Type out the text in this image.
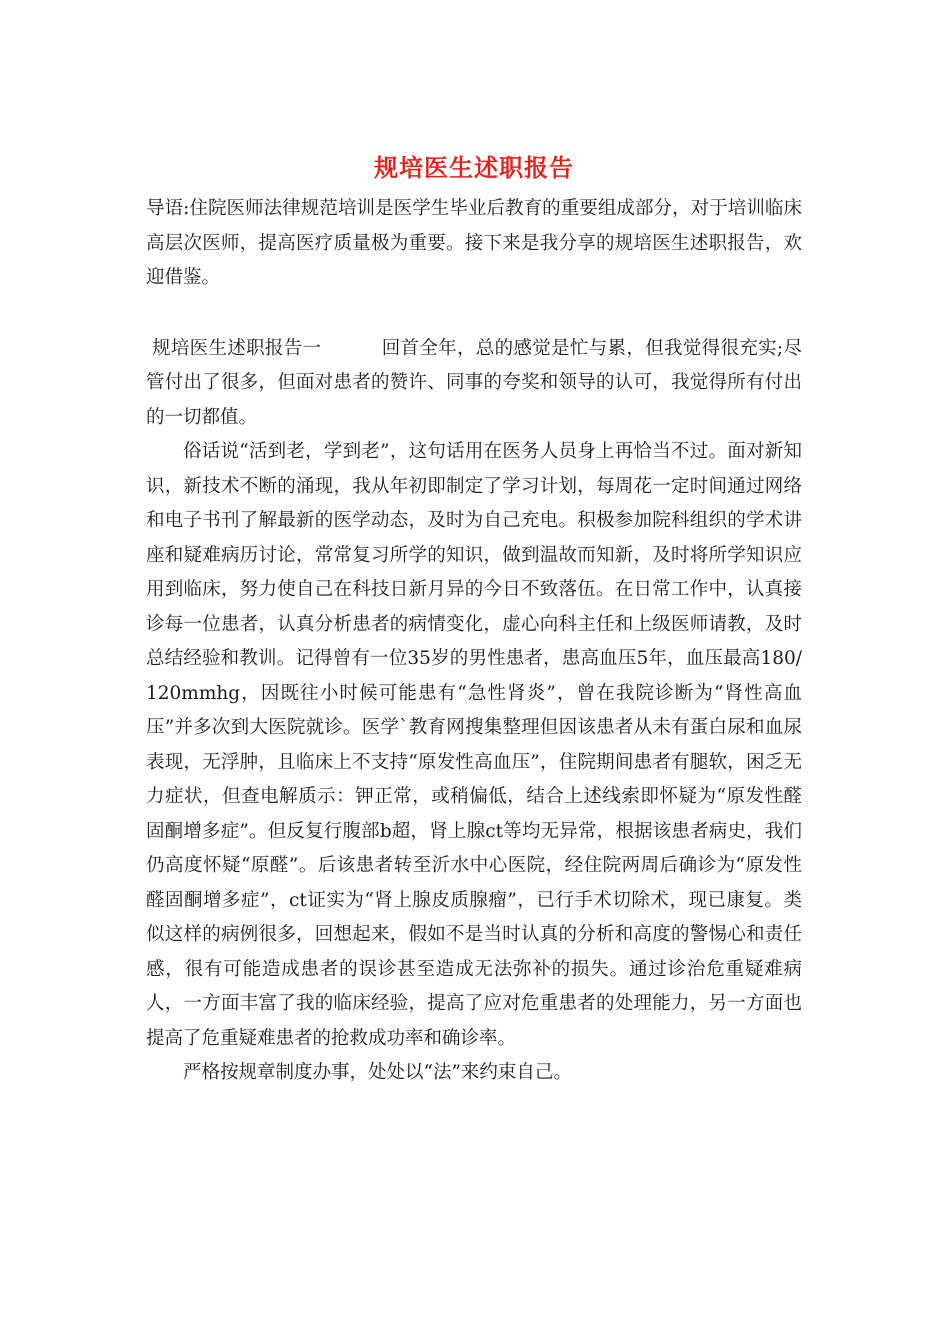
规培医生述职报告

导语:住院医师法律规范培训是医学生毕业后教育的重要组成部分，对于培训临床高层次医师，提高医疗质量极为重要。接下来是我分享的规培医生述职报告，欢迎借鉴。

规培医生述职报告一	回首全年，总的感觉是忙与累，但我觉得很充实;尽管付出了很多，但面对患者的赞许、同事的夸奖和领导的认可，我觉得所有付出的一切都值。

俗话说“活到老，学到老”，这句话用在医务人员身上再恰当不过。面对新知识，新技术不断的涌现，我从年初即制定了学习计划，每周花一定时间通过网络和电子书刊了解最新的医学动态，及时为自己充电。积极参加院科组织的学术讲座和疑难病历讨论，常常复习所学的知识，做到温故而知新，及时将所学知识应用到临床，努力使自己在科技日新月异的今日不致落伍。在日常工作中，认真接诊每一位患者，认真分析患者的病情变化，虚心向科主任和上级医师请教，及时总结经验和教训。记得曾有一位35岁的男性患者，患高血压5年，血压最高180/120mmhg，因既往小时候可能患有“急性肾炎”，曾在我院诊断为“肾性高血压”并多次到大医院就诊。医学`教育网搜集整理但因该患者从未有蛋白尿和血尿表现，无浮肿，且临床上不支持“原发性高血压”，住院期间患者有腿软，困乏无力症状，但查电解质示：钾正常，或稍偏低，结合上述线索即怀疑为“原发性醛固酮增多症”。但反复行腹部b超，肾上腺ct等均无异常，根据该患者病史，我们仍高度怀疑“原醛”。后该患者转至沂水中心医院，经住院两周后确诊为“原发性醛固酮增多症”，ct证实为“肾上腺皮质腺瘤”，已行手术切除术，现已康复。类似这样的病例很多，回想起来，假如不是当时认真的分析和高度的警惕心和责任感，很有可能造成患者的误诊甚至造成无法弥补的损失。通过诊治危重疑难病人，一方面丰富了我的临床经验，提高了应对危重患者的处理能力，另一方面也提高了危重疑难患者的抢救成功率和确诊率。

严格按规章制度办事，处处以“法”来约束自己。
